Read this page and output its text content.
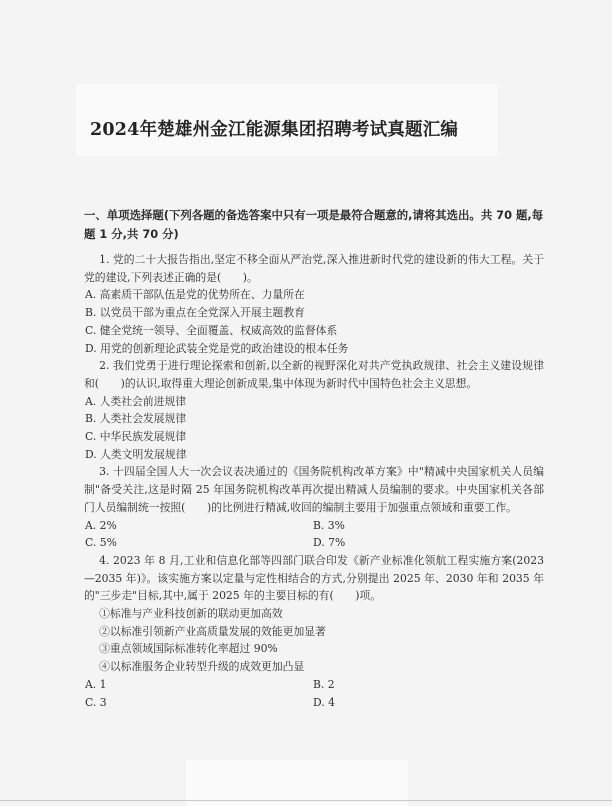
2024年楚雄州金江能源集团招聘考试真题汇编

一、单项选择题(下列各题的备选答案中只有一项是最符合题意的,请将其选出。共 70 题,每题 1 分,共 70 分)

1. 党的二十大报告指出,坚定不移全面从严治党,深入推进新时代党的建设新的伟大工程。关于党的建设,下列表述正确的是(　　)。

A. 高素质干部队伍是党的优势所在、力量所在

B. 以党员干部为重点在全党深入开展主题教育

C. 健全党统一领导、全面覆盖、权威高效的监督体系

D. 用党的创新理论武装全党是党的政治建设的根本任务

2. 我们党勇于进行理论探索和创新,以全新的视野深化对共产党执政规律、社会主义建设规律和(　　)的认识,取得重大理论创新成果,集中体现为新时代中国特色社会主义思想。

A. 人类社会前进规律

B. 人类社会发展规律

C. 中华民族发展规律

D. 人类文明发展规律

3. 十四届全国人大一次会议表决通过的《国务院机构改革方案》中"精减中央国家机关人员编制"备受关注,这是时隔 25 年国务院机构改革再次提出精减人员编制的要求。中央国家机关各部门人员编制统一按照(　　)的比例进行精减,收回的编制主要用于加强重点领域和重要工作。

A. 2%	B. 3%
C. 5%	D. 7%

4. 2023 年 8 月,工业和信息化部等四部门联合印发《新产业标准化领航工程实施方案(2023—2035 年)》。该实施方案以定量与定性相结合的方式,分别提出 2025 年、2030 年和 2035 年的"三步走"目标,其中,属于 2025 年的主要目标的有(　　)项。

①标准与产业科技创新的联动更加高效

②以标准引领新产业高质量发展的效能更加显著

③重点领域国际标准转化率超过 90%

④以标准服务企业转型升级的成效更加凸显

A. 1	B. 2
C. 3	D. 4
